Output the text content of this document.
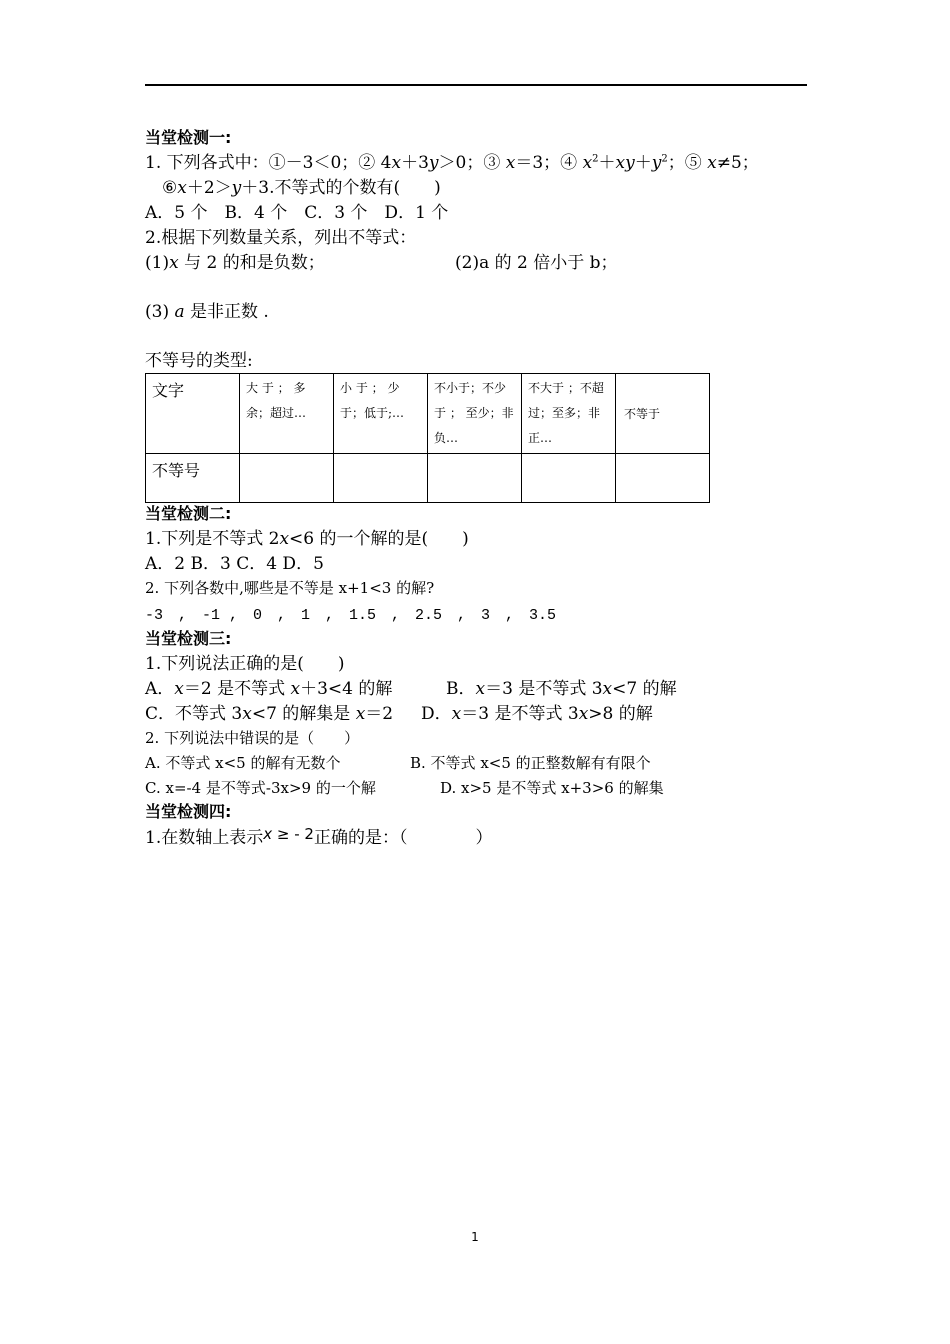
当堂检测一:
1. 下列各式中：①－3＜0；② 4x＋3y＞0；③ x＝3；④ $x^2+xy+y^2$；⑤ x≠5；
⑥x＋2＞y＋3.不等式的个数有(　　)
A．5 个　B．4 个　C．3 个　D．1 个
2.根据下列数量关系，列出不等式：
(1)x 与 2 的和是负数；	(2)a 的 2 倍小于 b；
(3) a 是非正数 .
不等号的类型:
文字	大 于 ； 多余；超过…	小 于 ； 少于；低于;…	不小于；不少 于 ； 至少；非负…	不大于 ；不超过；至多；非正…	不等于
不等号					
当堂检测二:
1.下列是不等式 2x<6 的一个解的是(　　)
A．2 B．3 C．4 D．5
2. 下列各数中,哪些是不等是 x+1<3 的解?
-3　,　-1 ,　0　,　1　,　1.5　,　2.5　,　3　,　3.5
当堂检测三:
1.下列说法正确的是(　　)
A．x＝2 是不等式 x＋3<4 的解	B．x＝3 是不等式 3x<7 的解
C．不等式 3x<7 的解集是 x＝2 D．x＝3 是不等式 3x>8 的解
2. 下列说法中错误的是（　　）
A. 不等式 x<5 的解有无数个	B. 不等式 x<5 的正整数解有有限个
C. x=-4 是不等式-3x>9 的一个解	D. x>5 是不等式 x+3>6 的解集
当堂检测四:
1.在数轴上表示x ≥ - 2正确的是：（　　　　）
1
